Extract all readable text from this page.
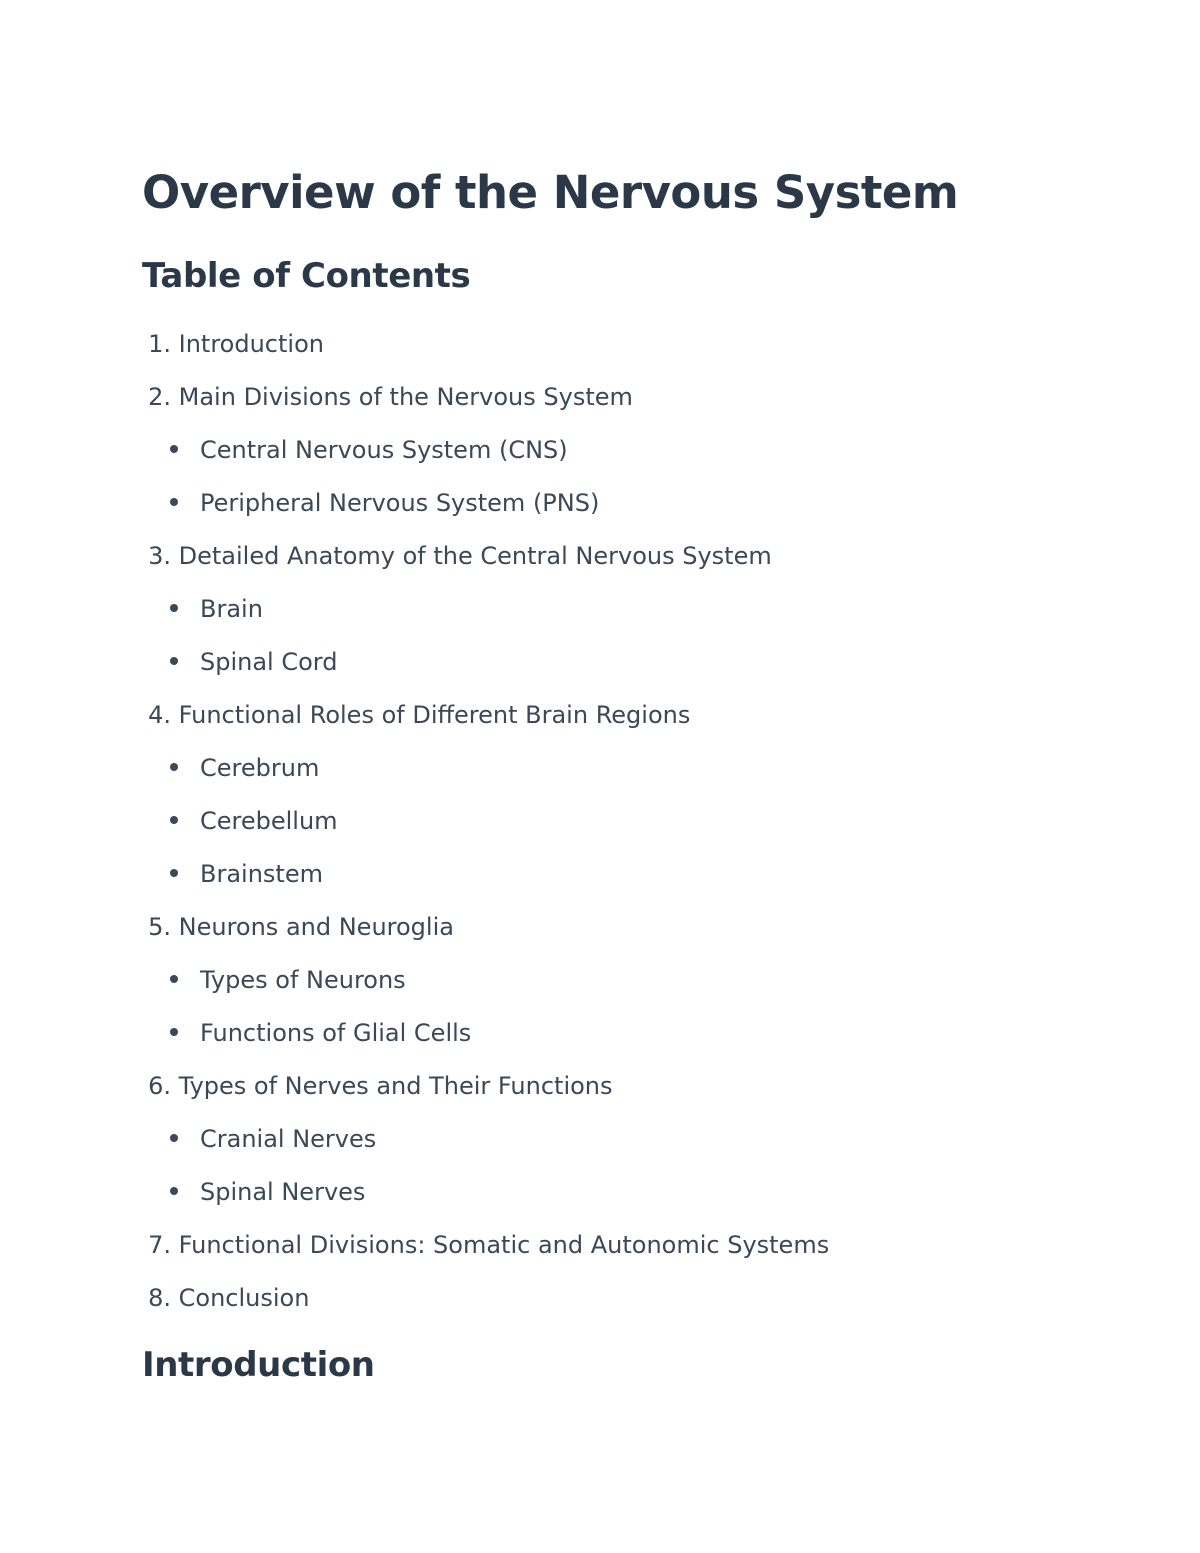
Overview of the Nervous System
Table of Contents
1. Introduction
2. Main Divisions of the Nervous System
Central Nervous System (CNS)
Peripheral Nervous System (PNS)
3. Detailed Anatomy of the Central Nervous System
Brain
Spinal Cord
4. Functional Roles of Different Brain Regions
Cerebrum
Cerebellum
Brainstem
5. Neurons and Neuroglia
Types of Neurons
Functions of Glial Cells
6. Types of Nerves and Their Functions
Cranial Nerves
Spinal Nerves
7. Functional Divisions: Somatic and Autonomic Systems
8. Conclusion
Introduction
